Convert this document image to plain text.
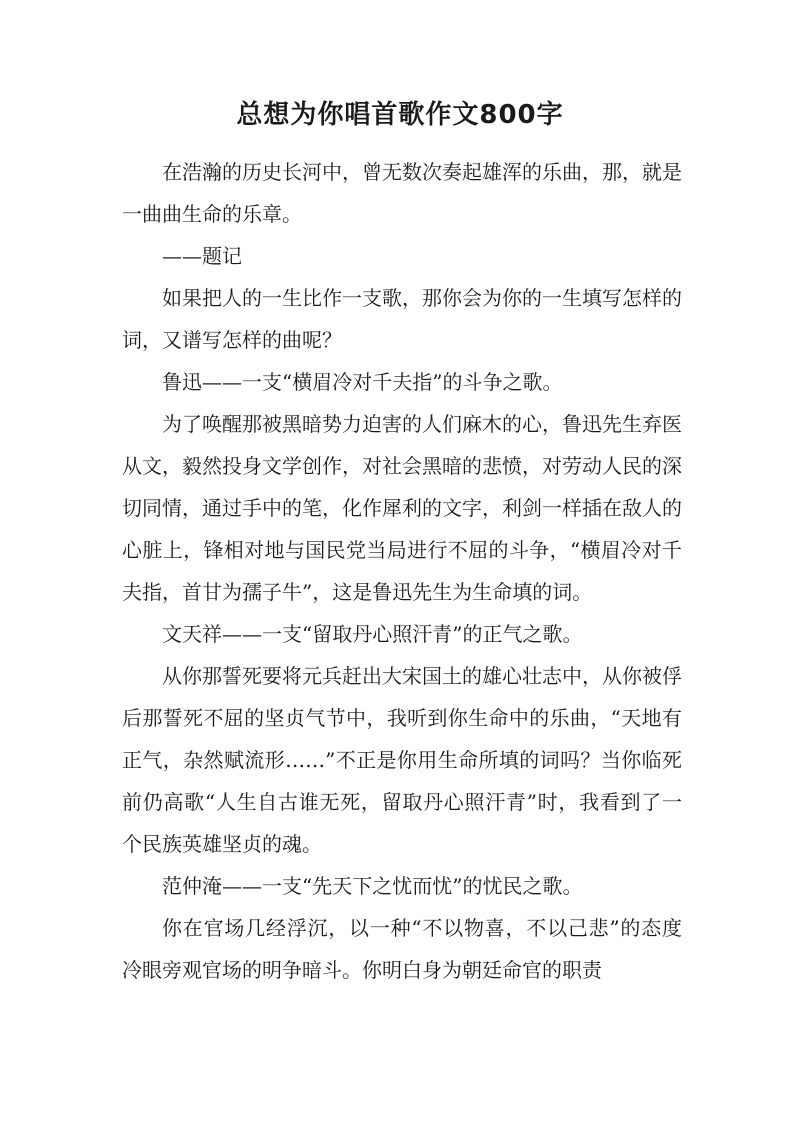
总想为你唱首歌作文800字

在浩瀚的历史长河中，曾无数次奏起雄浑的乐曲，那，就是一曲曲生命的乐章。

——题记

如果把人的一生比作一支歌，那你会为你的一生填写怎样的词，又谱写怎样的曲呢？

鲁迅——一支“横眉冷对千夫指”的斗争之歌。

为了唤醒那被黑暗势力迫害的人们麻木的心，鲁迅先生弃医从文，毅然投身文学创作，对社会黑暗的悲愤，对劳动人民的深切同情，通过手中的笔，化作犀利的文字，利剑一样插在敌人的心脏上，锋相对地与国民党当局进行不屈的斗争，“横眉冷对千夫指，首甘为孺子牛”，这是鲁迅先生为生命填的词。

文天祥——一支“留取丹心照汗青”的正气之歌。

从你那誓死要将元兵赶出大宋国土的雄心壮志中，从你被俘后那誓死不屈的坚贞气节中，我听到你生命中的乐曲，“天地有正气，杂然赋流形……”不正是你用生命所填的词吗？当你临死前仍高歌“人生自古谁无死，留取丹心照汗青”时，我看到了一个民族英雄坚贞的魂。

范仲淹——一支“先天下之忧而忧”的忧民之歌。

你在官场几经浮沉，以一种“不以物喜，不以己悲”的态度冷眼旁观官场的明争暗斗。你明白身为朝廷命官的职责
